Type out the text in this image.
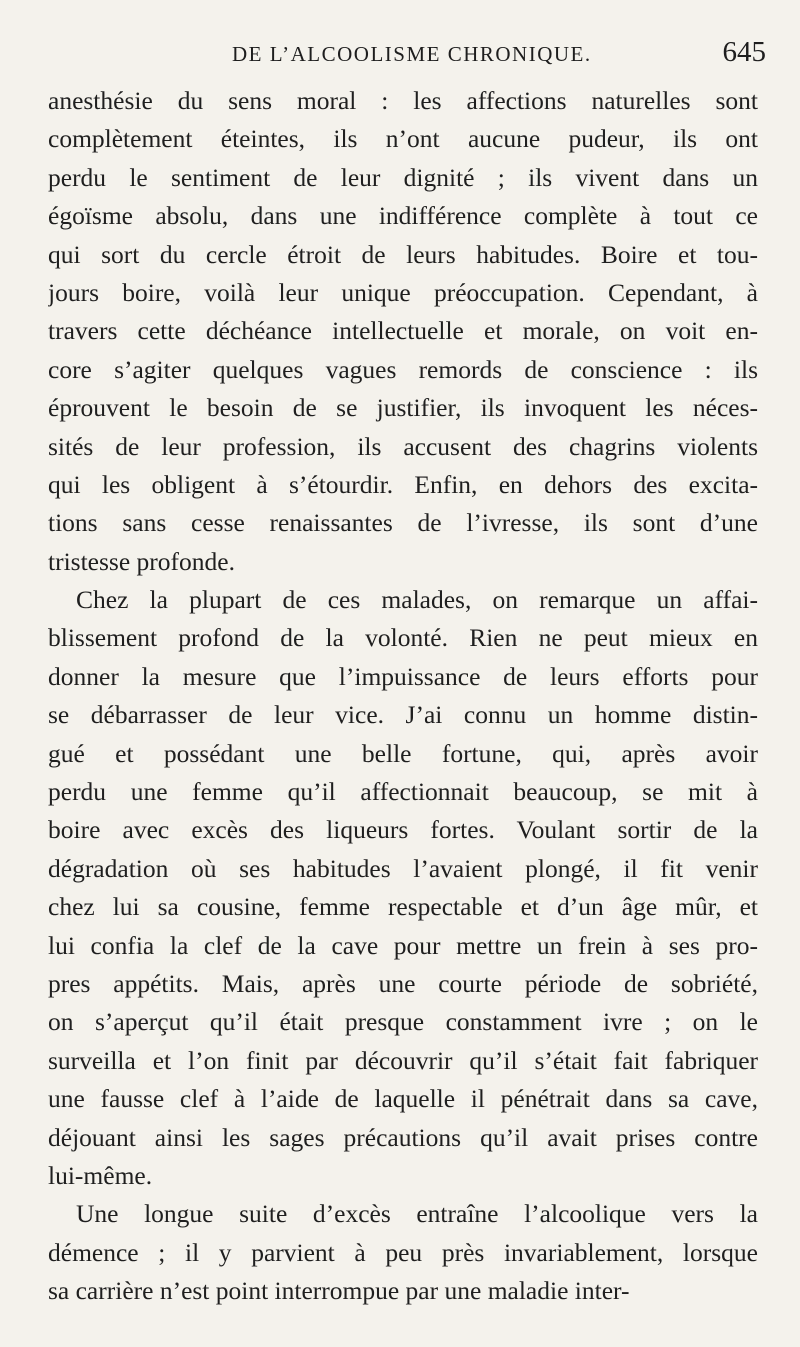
DE L’ALCOOLISME CHRONIQUE.	645
anesthésie du sens moral : les affections naturelles sont
complètement éteintes, ils n’ont aucune pudeur, ils ont
perdu le sentiment de leur dignité ; ils vivent dans un
égoïsme absolu, dans une indifférence complète à tout ce
qui sort du cercle étroit de leurs habitudes. Boire et tou-
jours boire, voilà leur unique préoccupation. Cependant, à
travers cette déchéance intellectuelle et morale, on voit en-
core s’agiter quelques vagues remords de conscience : ils
éprouvent le besoin de se justifier, ils invoquent les néces-
sités de leur profession, ils accusent des chagrins violents
qui les obligent à s’étourdir. Enfin, en dehors des excita-
tions sans cesse renaissantes de l’ivresse, ils sont d’une
tristesse profonde.
Chez la plupart de ces malades, on remarque un affai-
blissement profond de la volonté. Rien ne peut mieux en
donner la mesure que l’impuissance de leurs efforts pour
se débarrasser de leur vice. J’ai connu un homme distin-
gué et possédant une belle fortune, qui, après avoir
perdu une femme qu’il affectionnait beaucoup, se mit à
boire avec excès des liqueurs fortes. Voulant sortir de la
dégradation où ses habitudes l’avaient plongé, il fit venir
chez lui sa cousine, femme respectable et d’un âge mûr, et
lui confia la clef de la cave pour mettre un frein à ses pro-
pres appétits. Mais, après une courte période de sobriété,
on s’aperçut qu’il était presque constamment ivre ; on le
surveilla et l’on finit par découvrir qu’il s’était fait fabriquer
une fausse clef à l’aide de laquelle il pénétrait dans sa cave,
déjouant ainsi les sages précautions qu’il avait prises contre
lui-même.
Une longue suite d’excès entraîne l’alcoolique vers la
démence ; il y parvient à peu près invariablement, lorsque
sa carrière n’est point interrompue par une maladie inter-
